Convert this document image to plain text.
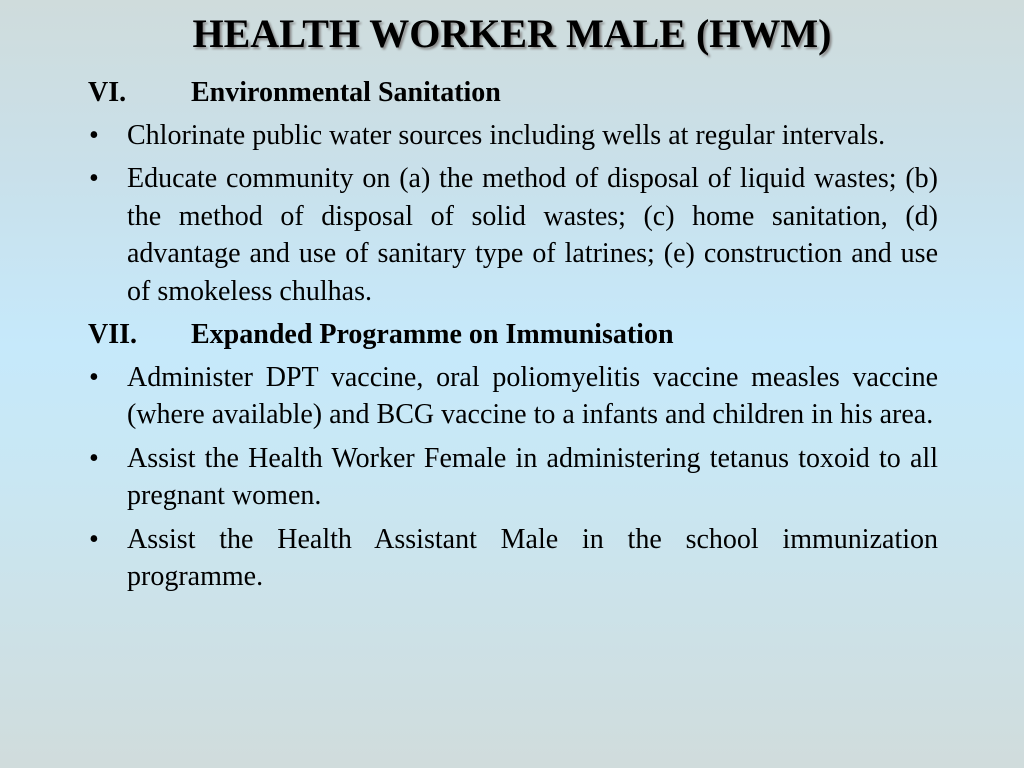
HEALTH WORKER MALE (HWM)
VI.	Environmental Sanitation
•	Chlorinate public water sources including wells at regular intervals.
•	Educate community on (a) the method of disposal of liquid wastes; (b) the method of disposal of solid wastes; (c) home sanitation, (d) advantage and use of sanitary type of latrines; (e) construction and use of smokeless chulhas.
VII.	Expanded Programme on Immunisation
•	Administer DPT vaccine, oral poliomyelitis vaccine measles vaccine (where available) and BCG vaccine to a infants and children in his area.
•	Assist the Health Worker Female in administering tetanus toxoid to all pregnant women.
•	Assist the Health Assistant Male in the school immunization programme.
